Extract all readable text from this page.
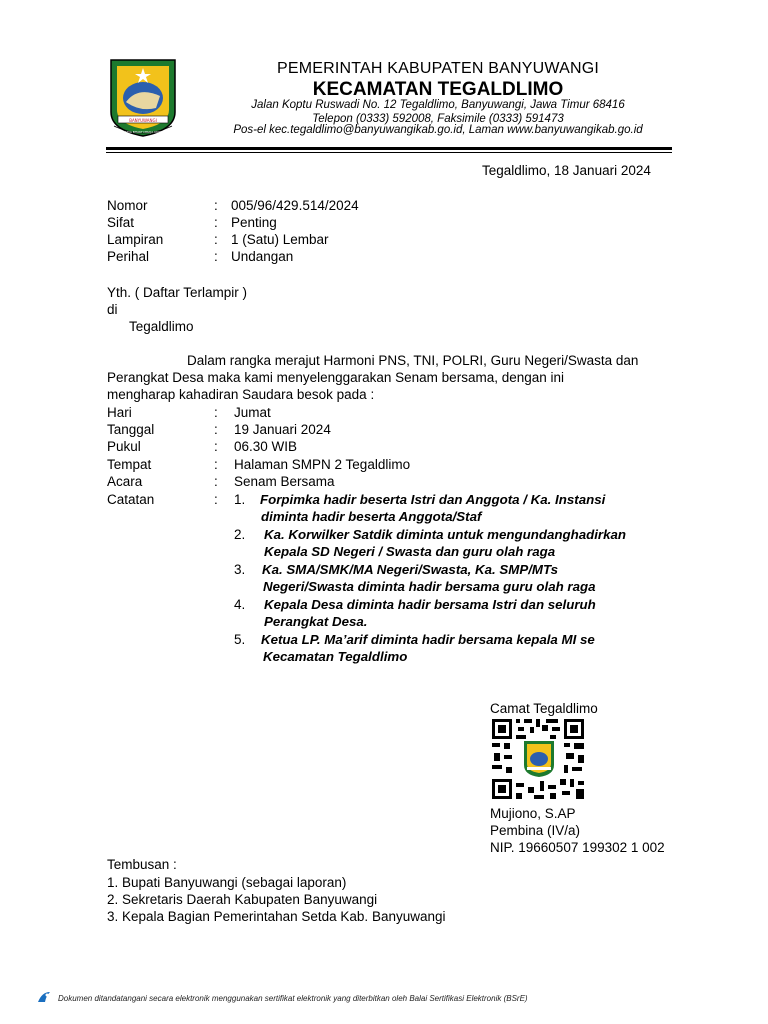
BANYUWANGI
SATYA BHAKTI PRAJA MUKTI
PEMERINTAH KABUPATEN BANYUWANGI
KECAMATAN TEGALDLIMO
Jalan Koptu Ruswadi No. 12 Tegaldlimo, Banyuwangi, Jawa Timur 68416
Telepon (0333) 592008, Faksimile (0333) 591473
Pos-el kec.tegaldlimo@banyuwangikab.go.id, Laman www.banyuwangikab.go.id
Tegaldlimo, 18 Januari 2024
Nomor	: 005/96/429.514/2024
Sifat	: Penting
Lampiran	: 1 (Satu) Lembar
Perihal	: Undangan
Yth. ( Daftar Terlampir )
di
Tegaldlimo
Dalam rangka merajut Harmoni PNS, TNI, POLRI, Guru Negeri/Swasta dan
Perangkat Desa maka kami menyelenggarakan Senam bersama, dengan ini
mengharap kahadiran Saudara besok pada :
Hari	: Jumat
Tanggal	: 19 Januari 2024
Pukul	: 06.30 WIB
Tempat	: Halaman SMPN 2 Tegaldlimo
Acara	: Senam Bersama
Catatan	: 1. Forpimka hadir beserta Istri dan Anggota / Ka. Instansi
diminta hadir beserta Anggota/Staf
2. Ka. Korwilker Satdik diminta untuk mengundanghadirkan
Kepala SD Negeri / Swasta dan guru olah raga
3. Ka. SMA/SMK/MA Negeri/Swasta, Ka. SMP/MTs
Negeri/Swasta diminta hadir bersama guru olah raga
4. Kepala Desa diminta hadir bersama Istri dan seluruh
Perangkat Desa.
5. Ketua LP. Ma’arif diminta hadir bersama kepala MI se
Kecamatan Tegaldlimo
Camat Tegaldlimo
Mujiono, S.AP
Pembina (IV/a)
NIP. 19660507 199302 1 002
Tembusan :
1. Bupati Banyuwangi (sebagai laporan)
2. Sekretaris Daerah Kabupaten Banyuwangi
3. Kepala Bagian Pemerintahan Setda Kab. Banyuwangi
Dokumen ditandatangani secara elektronik menggunakan sertifikat elektronik yang diterbitkan oleh Balai Sertifikasi Elektronik (BSrE)
